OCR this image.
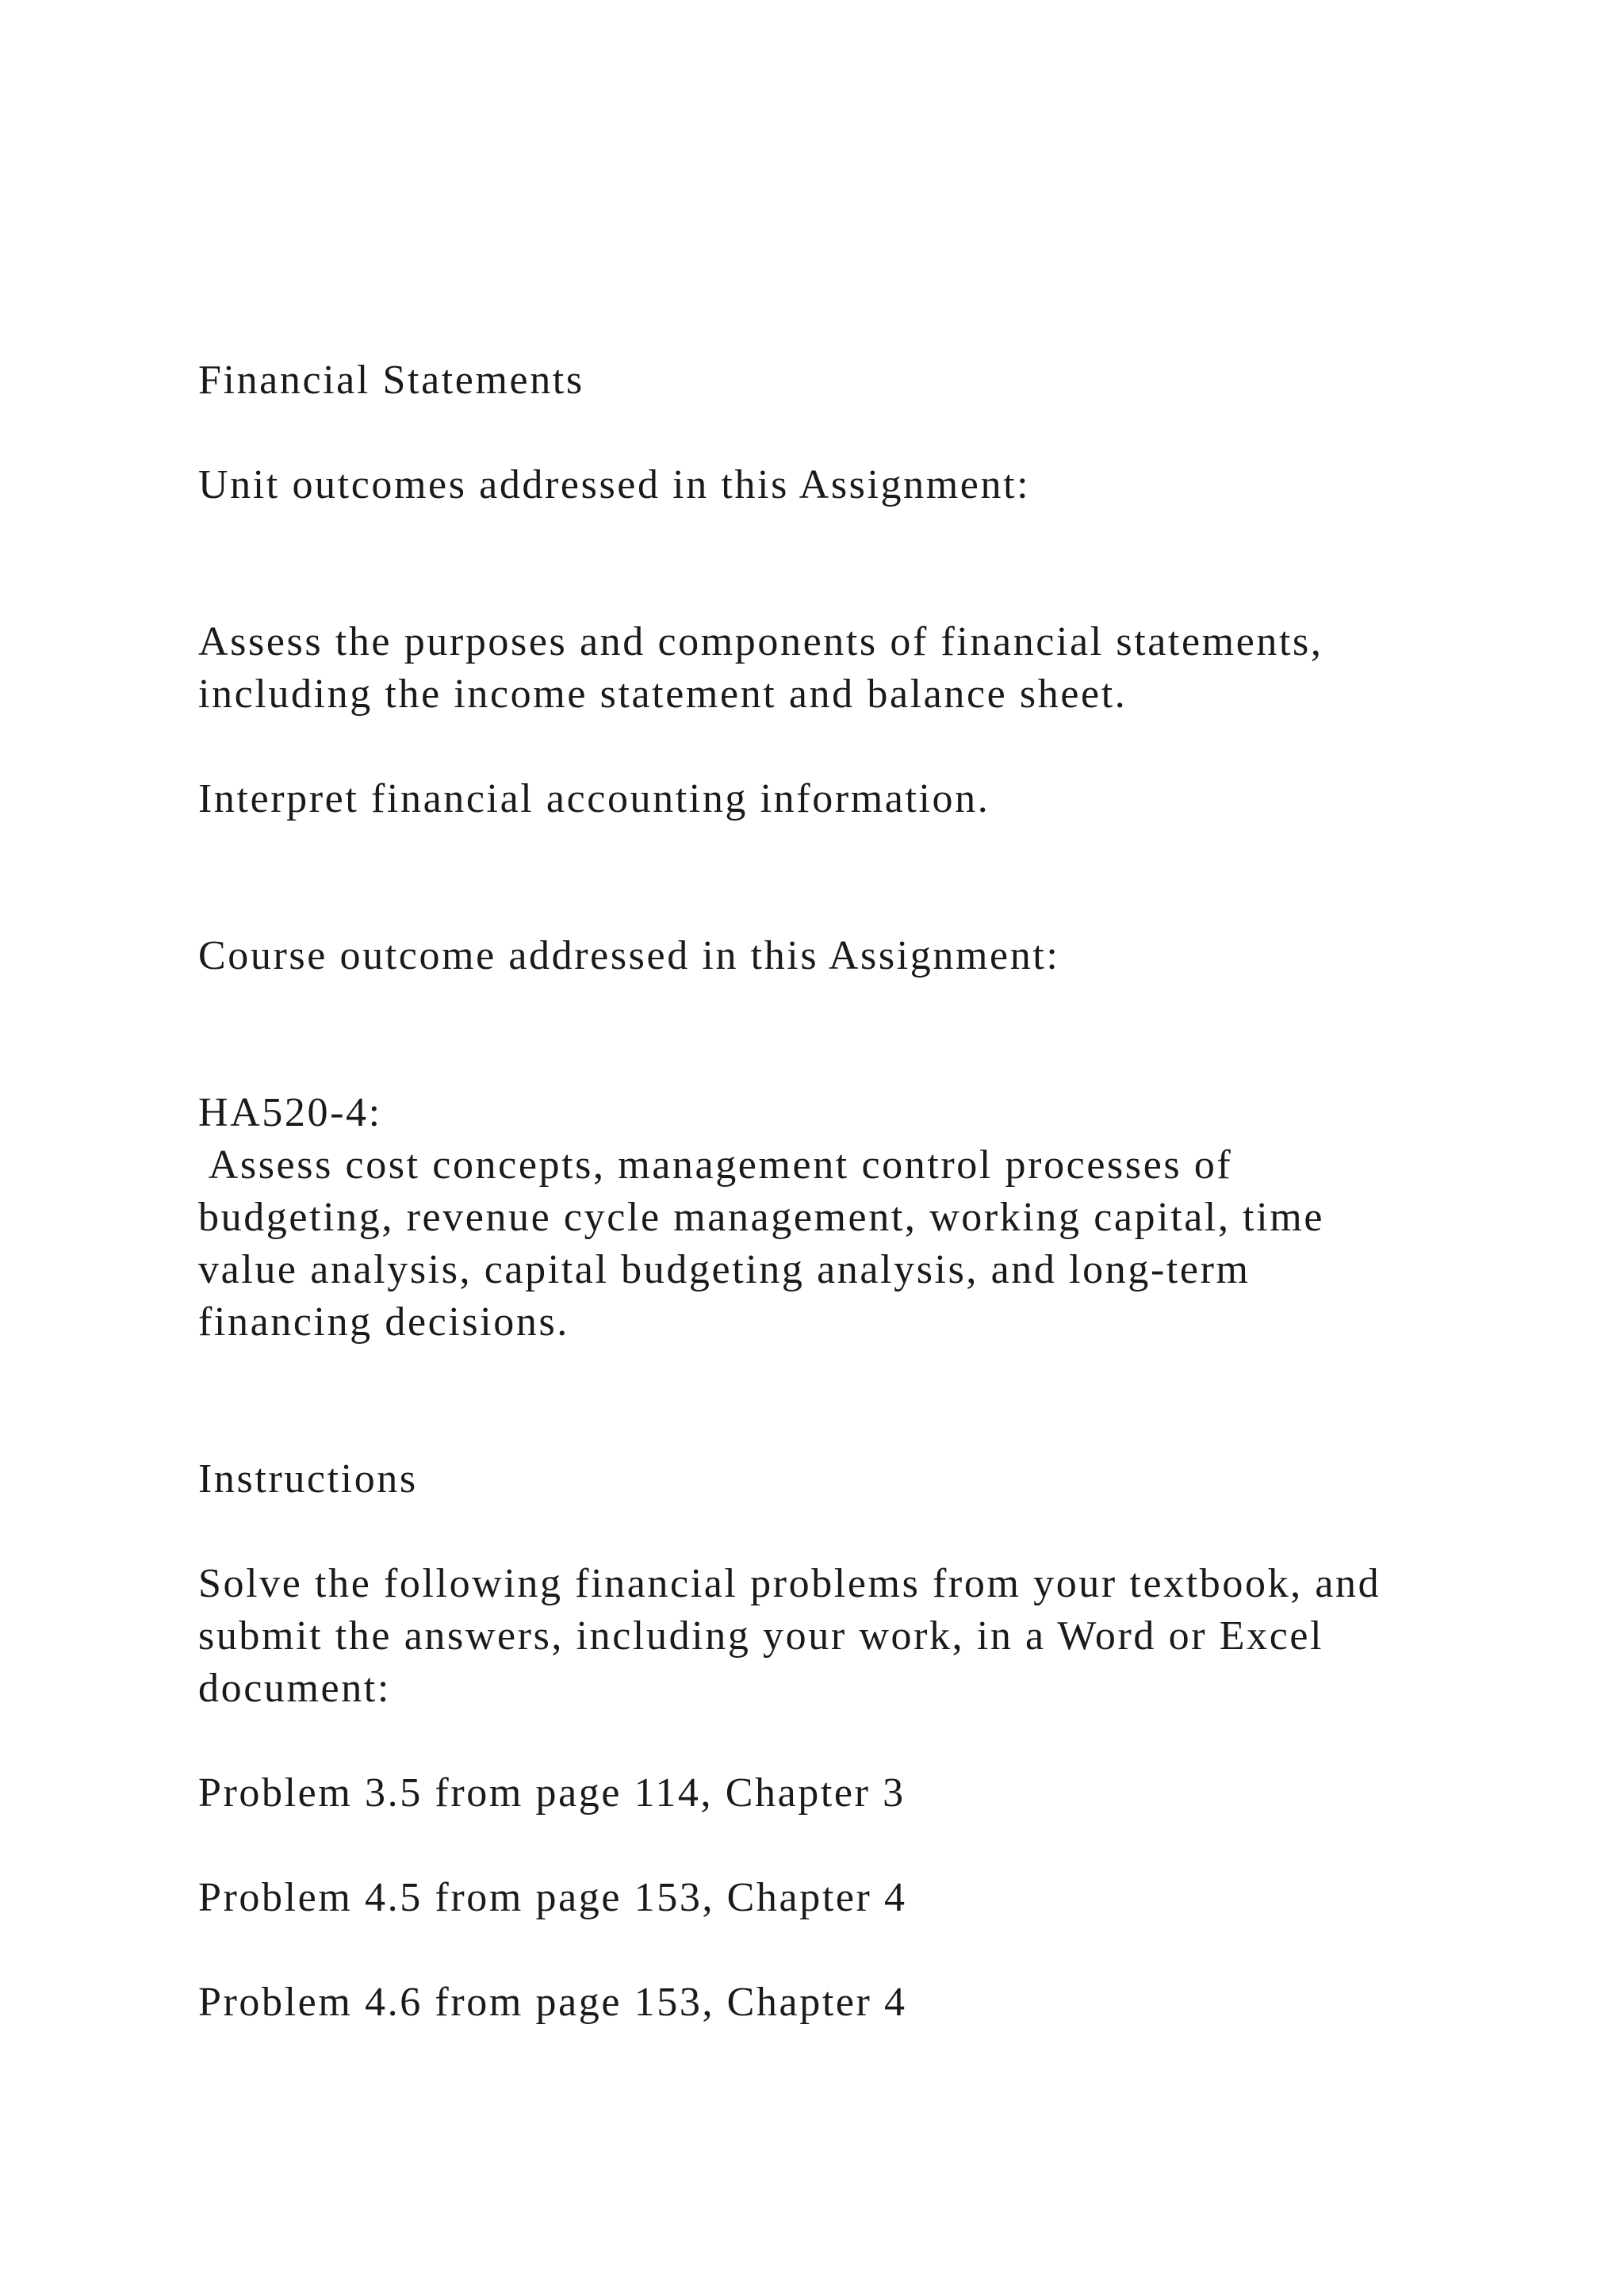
Financial Statements

Unit outcomes addressed in this Assignment:

Assess the purposes and components of financial statements,

including the income statement and balance sheet.

Interpret financial accounting information.

Course outcome addressed in this Assignment:

HA520-4:

Assess cost concepts, management control processes of

budgeting, revenue cycle management, working capital, time

value analysis, capital budgeting analysis, and long-term

financing decisions.

Instructions

Solve the following financial problems from your textbook, and

submit the answers, including your work, in a Word or Excel

document:

Problem 3.5 from page 114, Chapter 3

Problem 4.5 from page 153, Chapter 4

Problem 4.6 from page 153, Chapter 4
